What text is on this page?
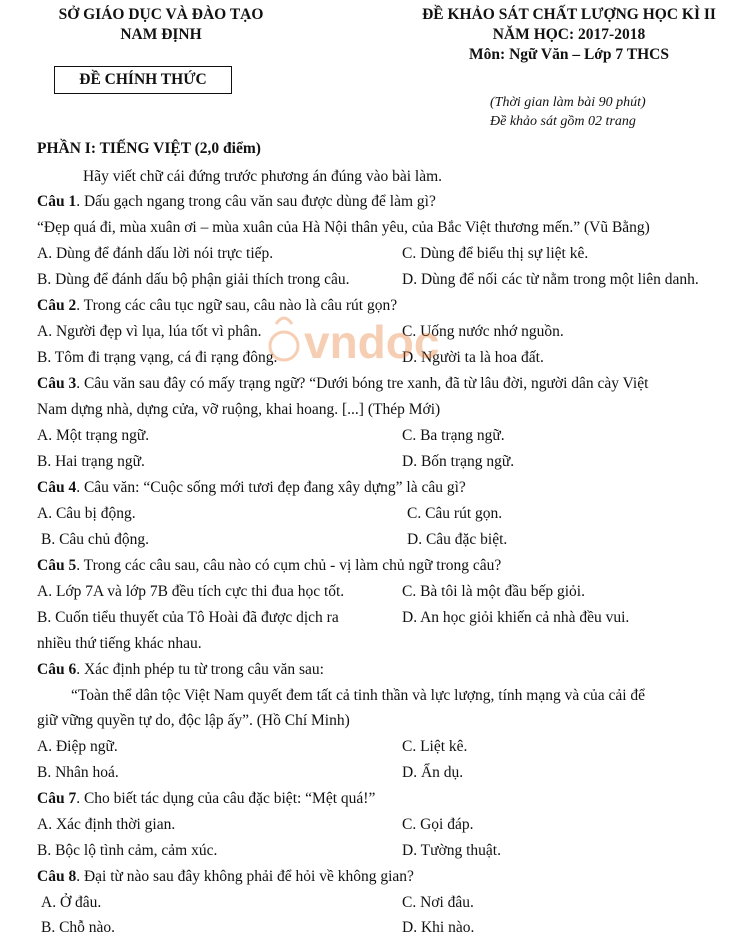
SỞ GIÁO DỤC VÀ ĐÀO TẠO
NAM ĐỊNH
ĐỀ CHÍNH THỨC
ĐỀ KHẢO SÁT CHẤT LƯỢNG HỌC KÌ II
NĂM HỌC: 2017-2018
Môn: Ngữ Văn – Lớp 7 THCS
(Thời gian làm bài 90 phút)
Đề khảo sát gồm 02 trang
PHẦN I: TIẾNG VIỆT (2,0 điểm)
Hãy viết chữ cái đứng trước phương án đúng vào bài làm.
Câu 1. Dấu gạch ngang trong câu văn sau được dùng để làm gì?
“Đẹp quá đi, mùa xuân ơi – mùa xuân của Hà Nội thân yêu, của Bắc Việt thương mến.” (Vũ Bằng)
A. Dùng để đánh dấu lời nói trực tiếp.	C. Dùng để biểu thị sự liệt kê.
B. Dùng để đánh dấu bộ phận giải thích trong câu.	D. Dùng để nối các từ nằm trong một liên danh.
Câu 2. Trong các câu tục ngữ sau, câu nào là câu rút gọn?
A. Người đẹp vì lụa, lúa tốt vì phân.	C. Uống nước nhớ nguồn.
B. Tôm đi trạng vạng, cá đi rạng đông.	D. Người ta là hoa đất.
vndoc
Câu 3. Câu văn sau đây có mấy trạng ngữ? “Dưới bóng tre xanh, đã từ lâu đời, người dân cày Việt
Nam dựng nhà, dựng cửa, vỡ ruộng, khai hoang. [...] (Thép Mới)
A. Một trạng ngữ.	C. Ba trạng ngữ.
B. Hai trạng ngữ.	D. Bốn trạng ngữ.
Câu 4. Câu văn: “Cuộc sống mới tươi đẹp đang xây dựng” là câu gì?
A. Câu bị động.	C. Câu rút gọn.
B. Câu chủ động.	D. Câu đặc biệt.
Câu 5. Trong các câu sau, câu nào có cụm chủ - vị làm chủ ngữ trong câu?
A. Lớp 7A và lớp 7B đều tích cực thi đua học tốt.	C. Bà tôi là một đầu bếp giỏi.
B. Cuốn tiểu thuyết của Tô Hoài đã được dịch ra	D. An học giỏi khiến cả nhà đều vui.
nhiều thứ tiếng khác nhau.
Câu 6. Xác định phép tu từ trong câu văn sau:
“Toàn thể dân tộc Việt Nam quyết đem tất cả tinh thần và lực lượng, tính mạng và của cải để
giữ vững quyền tự do, độc lập ấy”. (Hồ Chí Minh)
A. Điệp ngữ.	C. Liệt kê.
B. Nhân hoá.	D. Ẩn dụ.
Câu 7. Cho biết tác dụng của câu đặc biệt: “Mệt quá!”
A. Xác định thời gian.	C. Gọi đáp.
B. Bộc lộ tình cảm, cảm xúc.	D. Tường thuật.
Câu 8. Đại từ nào sau đây không phải để hỏi về không gian?
A. Ở đâu.	C. Nơi đâu.
B. Chỗ nào.	D. Khi nào.
